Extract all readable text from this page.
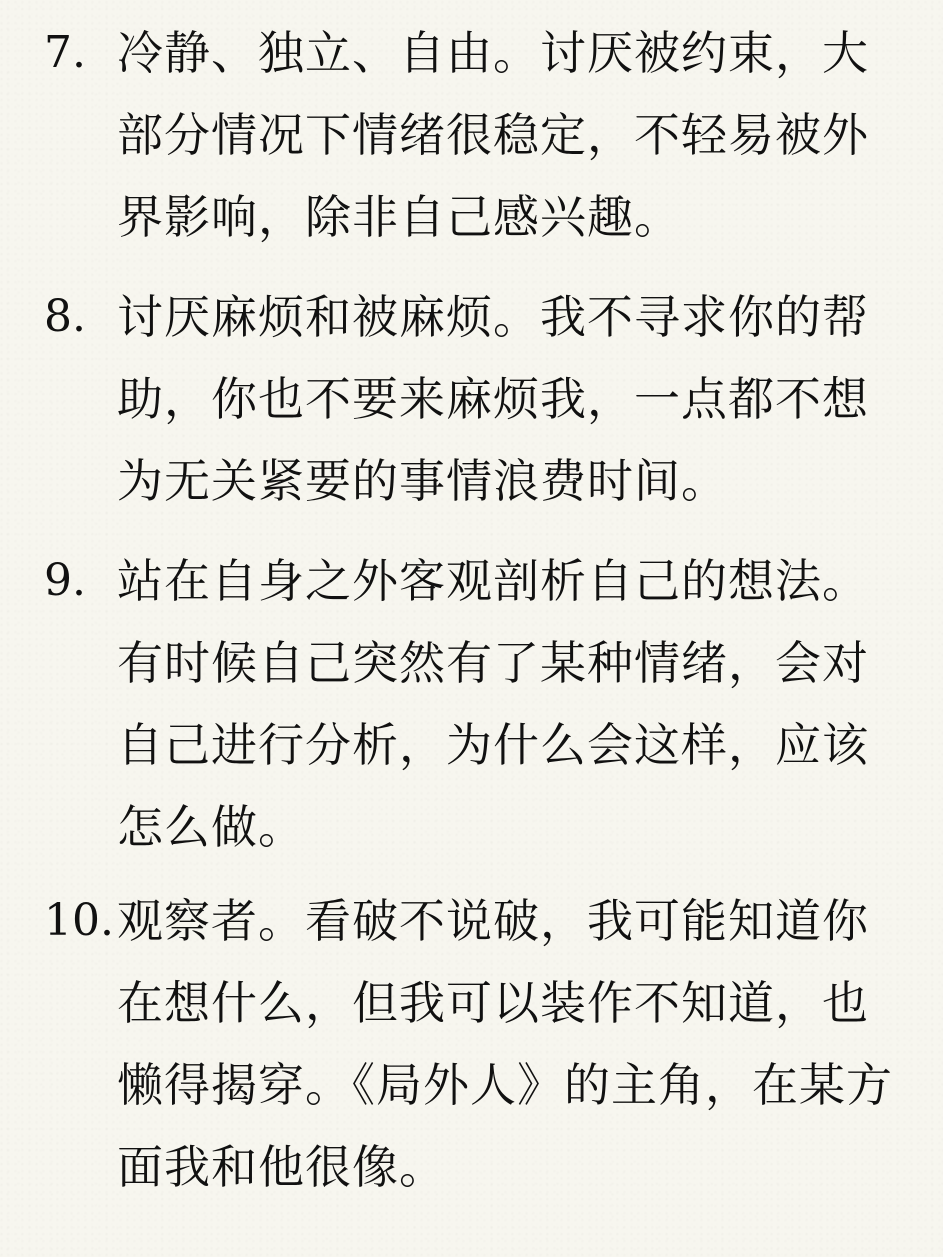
7. 冷静、独立、自由。讨厌被约束，大部分情况下情绪很稳定，不轻易被外界影响，除非自己感兴趣。
8. 讨厌麻烦和被麻烦。我不寻求你的帮助，你也不要来麻烦我，一点都不想为无关紧要的事情浪费时间。
9. 站在自身之外客观剖析自己的想法。有时候自己突然有了某种情绪，会对自己进行分析，为什么会这样，应该怎么做。
10. 观察者。看破不说破，我可能知道你在想什么，但我可以装作不知道，也懒得揭穿。《局外人》的主角，在某方面我和他很像。
